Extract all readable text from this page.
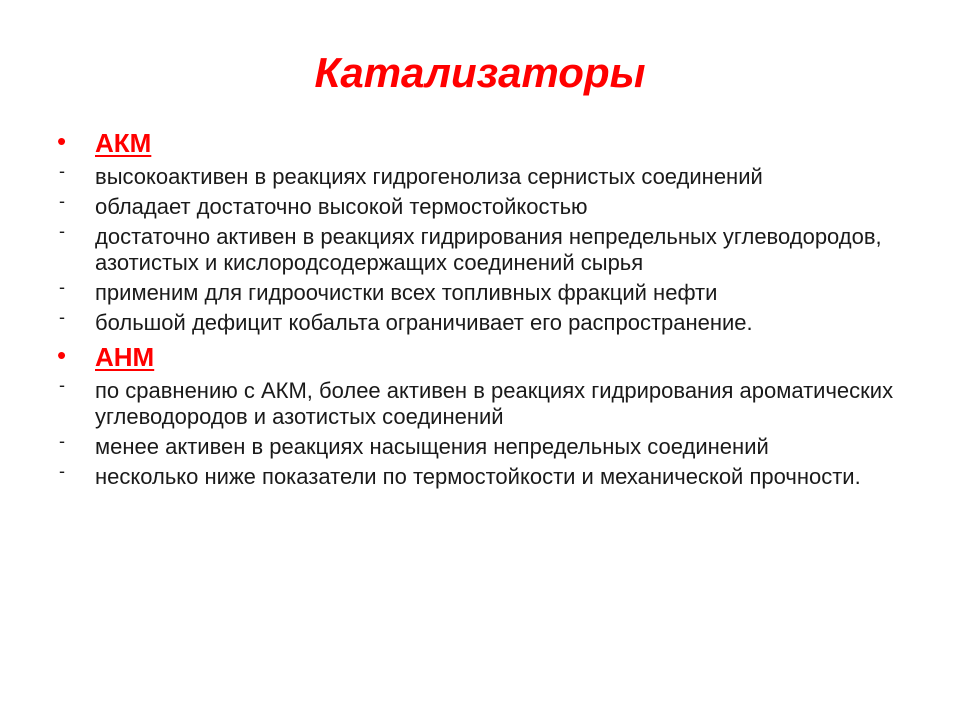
Катализаторы
• АКМ
- высокоактивен в реакциях гидрогенолиза сернистых соединений
- обладает достаточно высокой термостойкостью
- достаточно активен в реакциях гидрирования непредельных углеводородов, азотистых и кислородсодержащих соединений сырья
- применим для гидроочистки всех топливных фракций нефти
- большой дефицит кобальта ограничивает его распространение.
• АНМ
- по сравнению с АКМ, более активен в реакциях гидрирования ароматических углеводородов и азотистых соединений
- менее активен в реакциях насыщения непредельных соединений
- несколько ниже показатели по термостойкости и механической прочности.
